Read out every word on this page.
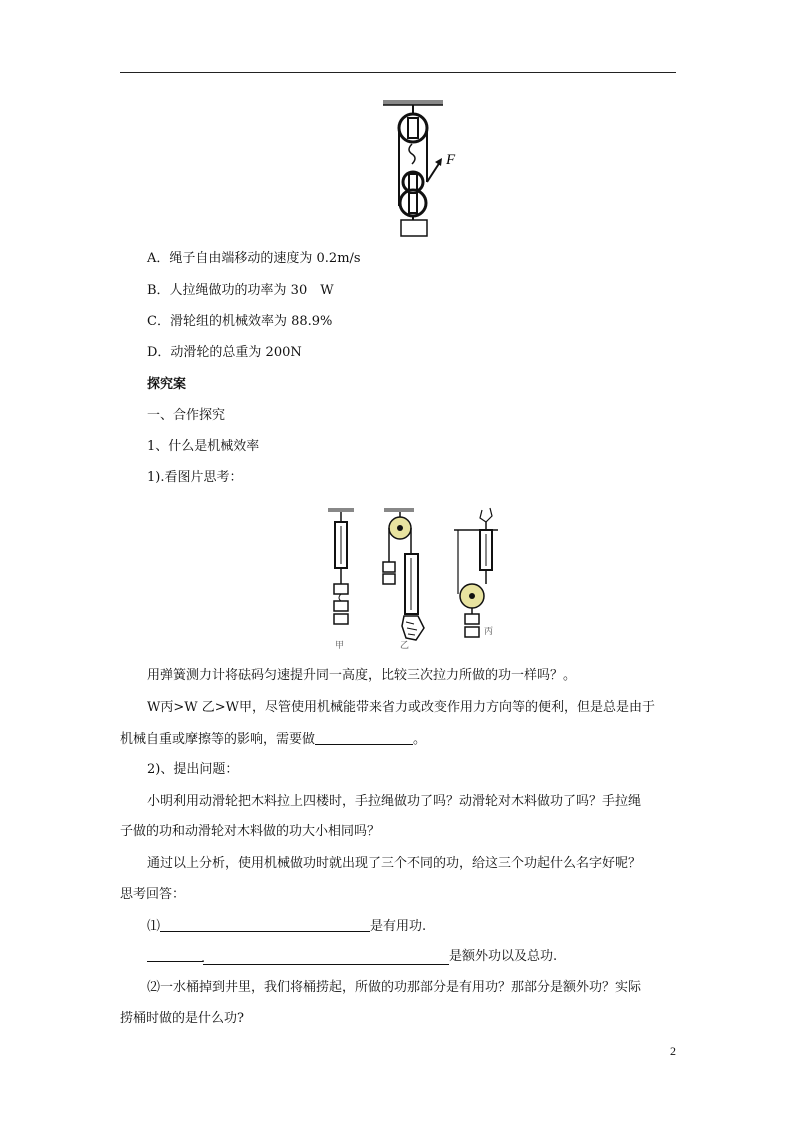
F
A．绳子自由端移动的速度为 0.2m/s
B．人拉绳做功的功率为 30　W
C．滑轮组的机械效率为 88.9%
D．动滑轮的总重为 200N
探究案
一、合作探究
1、什么是机械效率
1).看图片思考：
甲	乙
丙
用弹簧测力计将砝码匀速提升同一高度，比较三次拉力所做的功一样吗？。
W丙>W 乙>W甲，尽管使用机械能带来省力或改变作用力方向等的便利，但是总是由于
机械自重或摩擦等的影响，需要做	。
2)、提出问题：
小明利用动滑轮把木料拉上四楼时，手拉绳做功了吗？动滑轮对木料做功了吗？手拉绳
子做的功和动滑轮对木料做的功大小相同吗？
通过以上分析，使用机械做功时就出现了三个不同的功，给这三个功起什么名字好呢？
思考回答：
⑴	是有用功.
.	是额外功以及总功.
⑵一水桶掉到井里，我们将桶捞起，所做的功那部分是有用功？那部分是额外功？实际
捞桶时做的是什么功?
2
